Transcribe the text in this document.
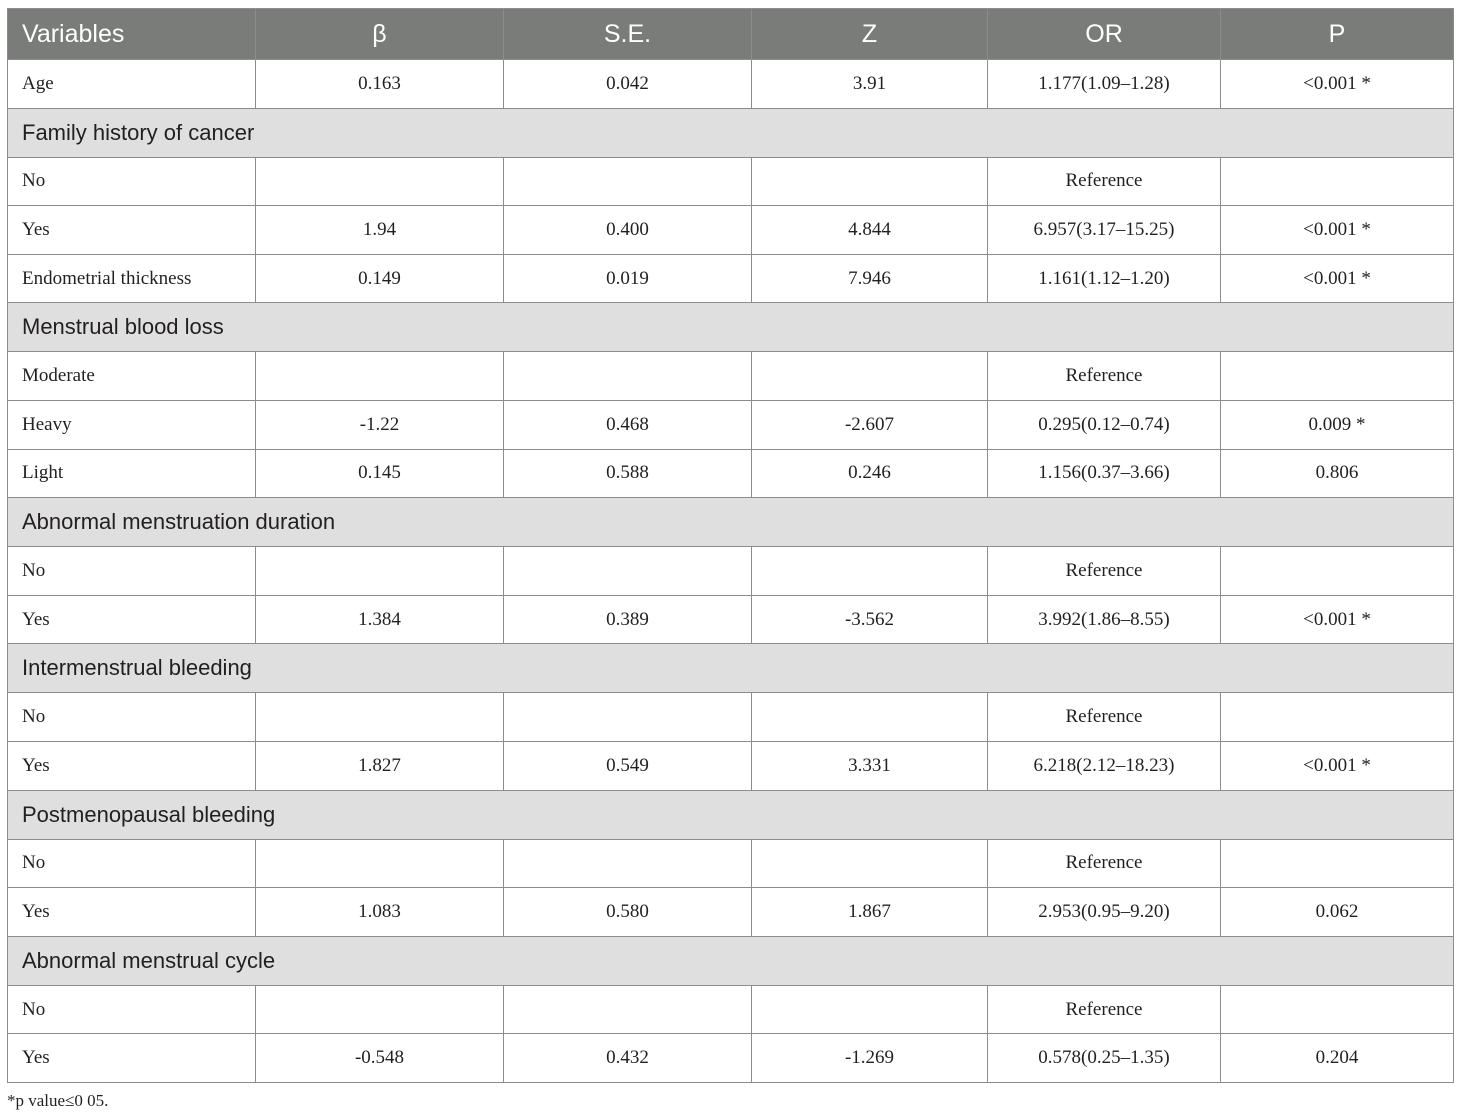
Variables	β	S.E.	Z	OR	P
Age	0.163	0.042	3.91	1.177(1.09–1.28)	<0.001 *
Family history of cancer					
No				Reference	
Yes	1.94	0.400	4.844	6.957(3.17–15.25)	<0.001 *
Endometrial thickness	0.149	0.019	7.946	1.161(1.12–1.20)	<0.001 *
Menstrual blood loss					
Moderate				Reference	
Heavy	-1.22	0.468	-2.607	0.295(0.12–0.74)	0.009 *
Light	0.145	0.588	0.246	1.156(0.37–3.66)	0.806
Abnormal menstruation duration					
No				Reference	
Yes	1.384	0.389	-3.562	3.992(1.86–8.55)	<0.001 *
Intermenstrual bleeding					
No				Reference	
Yes	1.827	0.549	3.331	6.218(2.12–18.23)	<0.001 *
Postmenopausal bleeding					
No				Reference	
Yes	1.083	0.580	1.867	2.953(0.95–9.20)	0.062
Abnormal menstrual cycle					
No				Reference	
Yes	-0.548	0.432	-1.269	0.578(0.25–1.35)	0.204
*p value≤0 05.
